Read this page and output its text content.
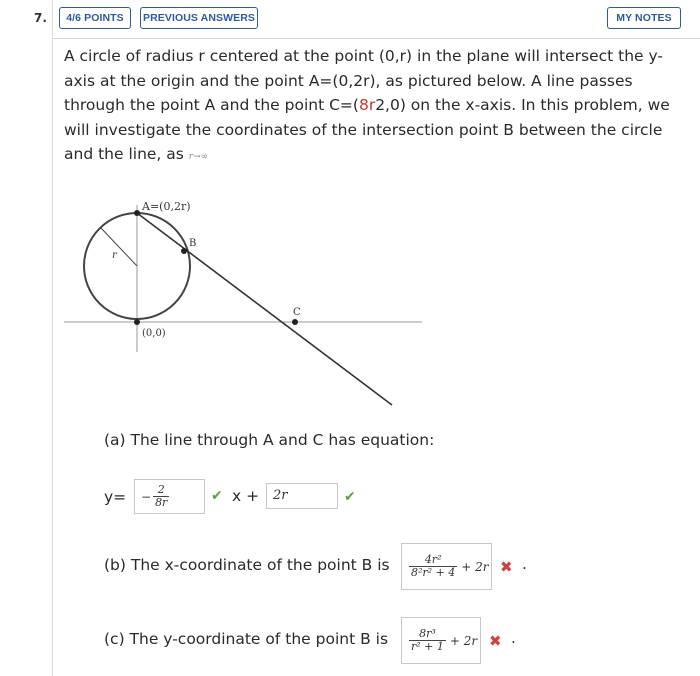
7.	4/6 POINTS	PREVIOUS ANSWERS	MY NOTES
A circle of radius r centered at the point (0,r) in the plane will intersect the y-axis at the origin and the point A=(0,2r), as pictured below. A line passes through the point A and the point C=(8r2,0) on the x-axis. In this problem, we will investigate the coordinates of the intersection point B between the circle and the line, as r→∞
A=(0,2r)
B
C
r
(0,0)
(a) The line through A and C has equation:
$y= - \frac{2}{8r}$	✔ x +	2r	✔
(b) The x-coordinate of the point B is $\frac{\text{4r²}}{\text{8²r² + 4}} + 2r$ ✖ .
(c) The y-coordinate of the point B is $\frac{\text{8r³}}{\text{r² + 1}} + 2r$ ✖ .
